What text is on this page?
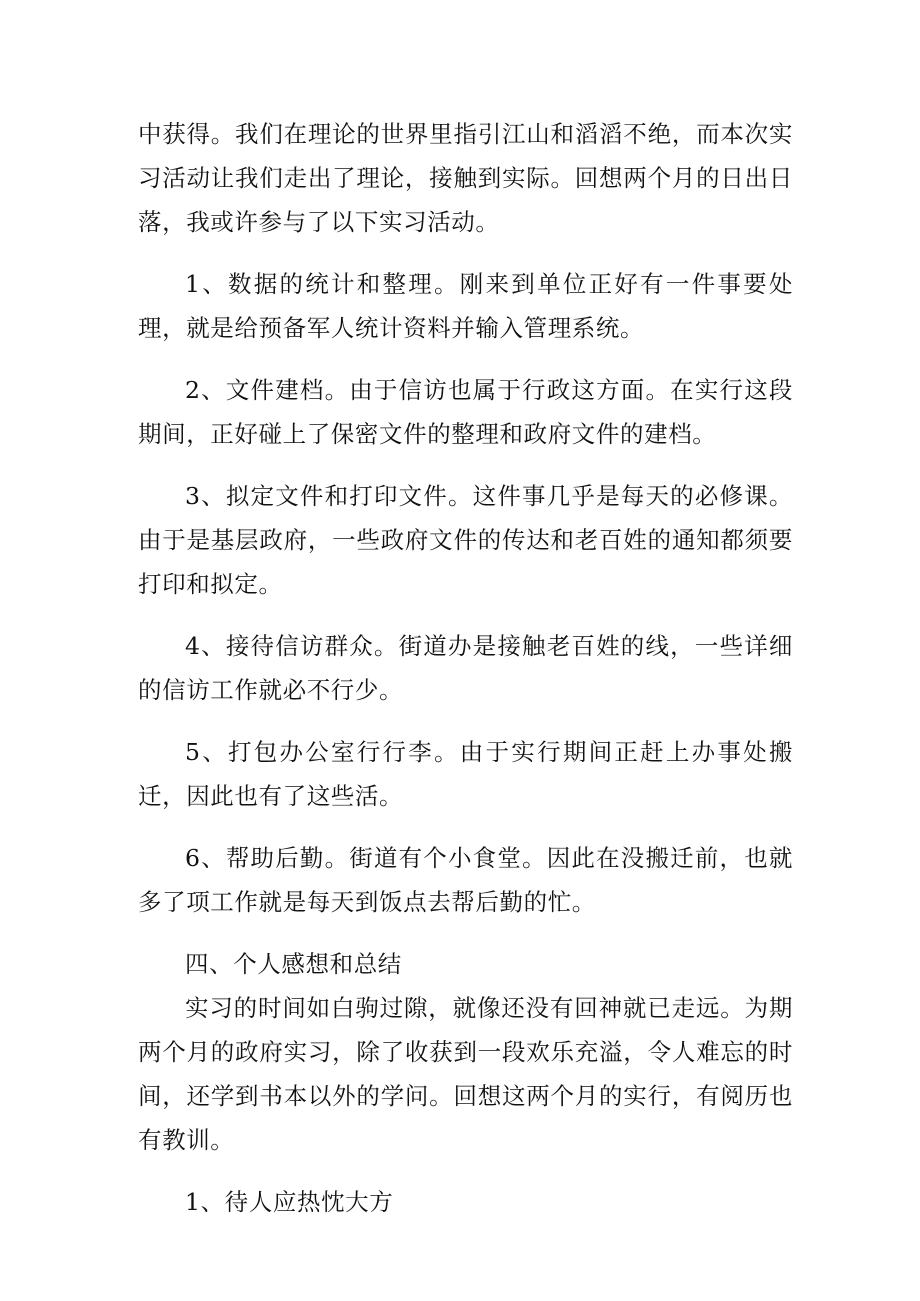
中获得。我们在理论的世界里指引江山和滔滔不绝，而本次实习活动让我们走出了理论，接触到实际。回想两个月的日出日落，我或许参与了以下实习活动。

1、数据的统计和整理。刚来到单位正好有一件事要处理，就是给预备军人统计资料并输入管理系统。

2、文件建档。由于信访也属于行政这方面。在实行这段期间，正好碰上了保密文件的整理和政府文件的建档。

3、拟定文件和打印文件。这件事几乎是每天的必修课。由于是基层政府，一些政府文件的传达和老百姓的通知都须要打印和拟定。

4、接待信访群众。街道办是接触老百姓的线，一些详细的信访工作就必不行少。

5、打包办公室行行李。由于实行期间正赶上办事处搬迁，因此也有了这些活。

6、帮助后勤。街道有个小食堂。因此在没搬迁前，也就多了项工作就是每天到饭点去帮后勤的忙。

四、个人感想和总结

实习的时间如白驹过隙，就像还没有回神就已走远。为期两个月的政府实习，除了收获到一段欢乐充溢，令人难忘的时间，还学到书本以外的学问。回想这两个月的实行，有阅历也有教训。

1、待人应热忱大方
